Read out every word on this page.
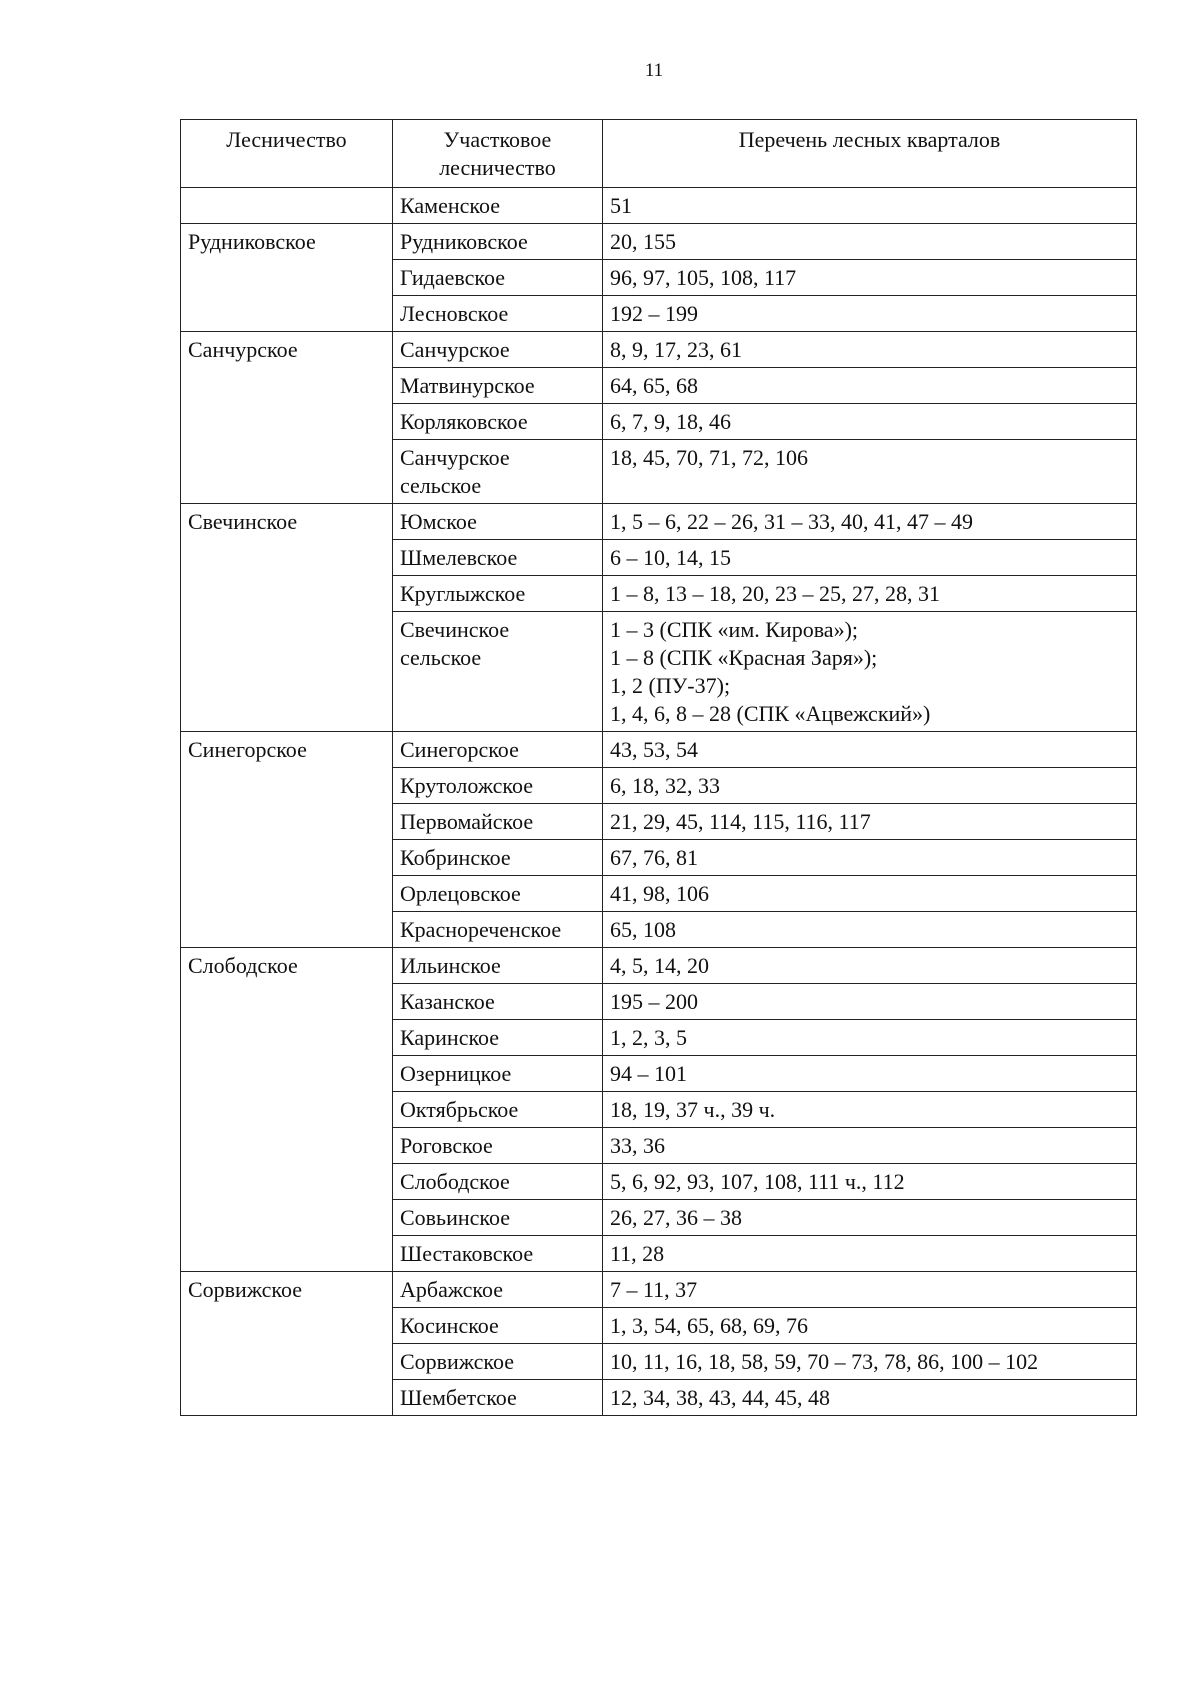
11
Лесничество	Участковое лесничество	Перечень лесных кварталов
	Каменское	51

Рудниковское	Рудниковское	20, 155

	Гидаевское	96, 97, 105, 108, 117

	Лесновское	192 – 199

Санчурское	Санчурское	8, 9, 17, 23, 61

	Матвинурское	64, 65, 68

	Корляковское	6, 7, 9, 18, 46

	Санчурское сельское	18, 45, 70, 71, 72, 106

Свечинское	Юмское	1, 5 – 6, 22 – 26, 31 – 33, 40, 41, 47 – 49

	Шмелевское	6 – 10, 14, 15

	Круглыжское	1 – 8, 13 – 18, 20, 23 – 25, 27, 28, 31

	Свечинское сельское	1 – 3 (СПК «им. Кирова»);
1 – 8 (СПК «Красная Заря»);
1, 2 (ПУ-37);
1, 4, 6, 8 – 28 (СПК «Ацвежский»)

Синегорское	Синегорское	43, 53, 54

	Крутоложское	6, 18, 32, 33

	Первомайское	21, 29, 45, 114, 115, 116, 117

	Кобринское	67, 76, 81

	Орлецовское	41, 98, 106

	Краснореченское	65, 108

Слободское	Ильинское	4, 5, 14, 20

	Казанское	195 – 200

	Каринское	1, 2, 3, 5

	Озерницкое	94 – 101

	Октябрьское	18, 19, 37 ч., 39 ч.

	Роговское	33, 36

	Слободское	5, 6, 92, 93, 107, 108, 111 ч., 112

	Совьинское	26, 27, 36 – 38

	Шестаковское	11, 28

Сорвижское	Арбажское	7 – 11, 37

	Косинское	1, 3, 54, 65, 68, 69, 76

	Сорвижское	10, 11, 16, 18, 58, 59, 70 – 73, 78, 86, 100 – 102

	Шембетское	12, 34, 38, 43, 44, 45, 48
